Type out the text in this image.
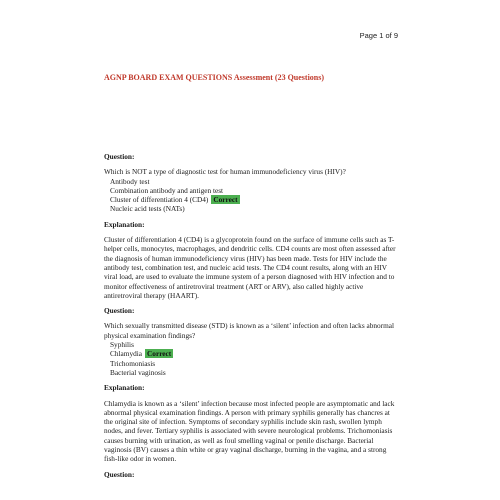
Page 1 of 9
AGNP BOARD EXAM QUESTIONS Assessment (23 Questions)
Question:

Which is NOT a type of diagnostic test for human immunodeficiency virus (HIV)?

Antibody test
Combination antibody and antigen test
Cluster of differentiation 4 (CD4) Correct
Nucleic acid tests (NATs)
Explanation:

Cluster of differentiation 4 (CD4) is a glycoprotein found on the surface of immune cells such as T-helper cells, monocytes, macrophages, and dendritic cells. CD4 counts are most often assessed after the diagnosis of human immunodeficiency virus (HIV) has been made. Tests for HIV include the antibody test, combination test, and nucleic acid tests. The CD4 count results, along with an HIV viral load, are used to evaluate the immune system of a person diagnosed with HIV infection and to monitor effectiveness of antiretroviral treatment (ART or ARV), also called highly active antiretroviral therapy (HAART).

Question:

Which sexually transmitted disease (STD) is known as a ‘silent’ infection and often lacks abnormal physical examination findings?

Syphilis
Chlamydia Correct
Trichomoniasis
Bacterial vaginosis
Explanation:

Chlamydia is known as a ‘silent’ infection because most infected people are asymptomatic and lack abnormal physical examination findings. A person with primary syphilis generally has chancres at the original site of infection. Symptoms of secondary syphilis include skin rash, swollen lymph nodes, and fever. Tertiary syphilis is associated with severe neurological problems. Trichomoniasis causes burning with urination, as well as foul smelling vaginal or penile discharge. Bacterial vaginosis (BV) causes a thin white or gray vaginal discharge, burning in the vagina, and a strong fish-like odor in women.

Question:
